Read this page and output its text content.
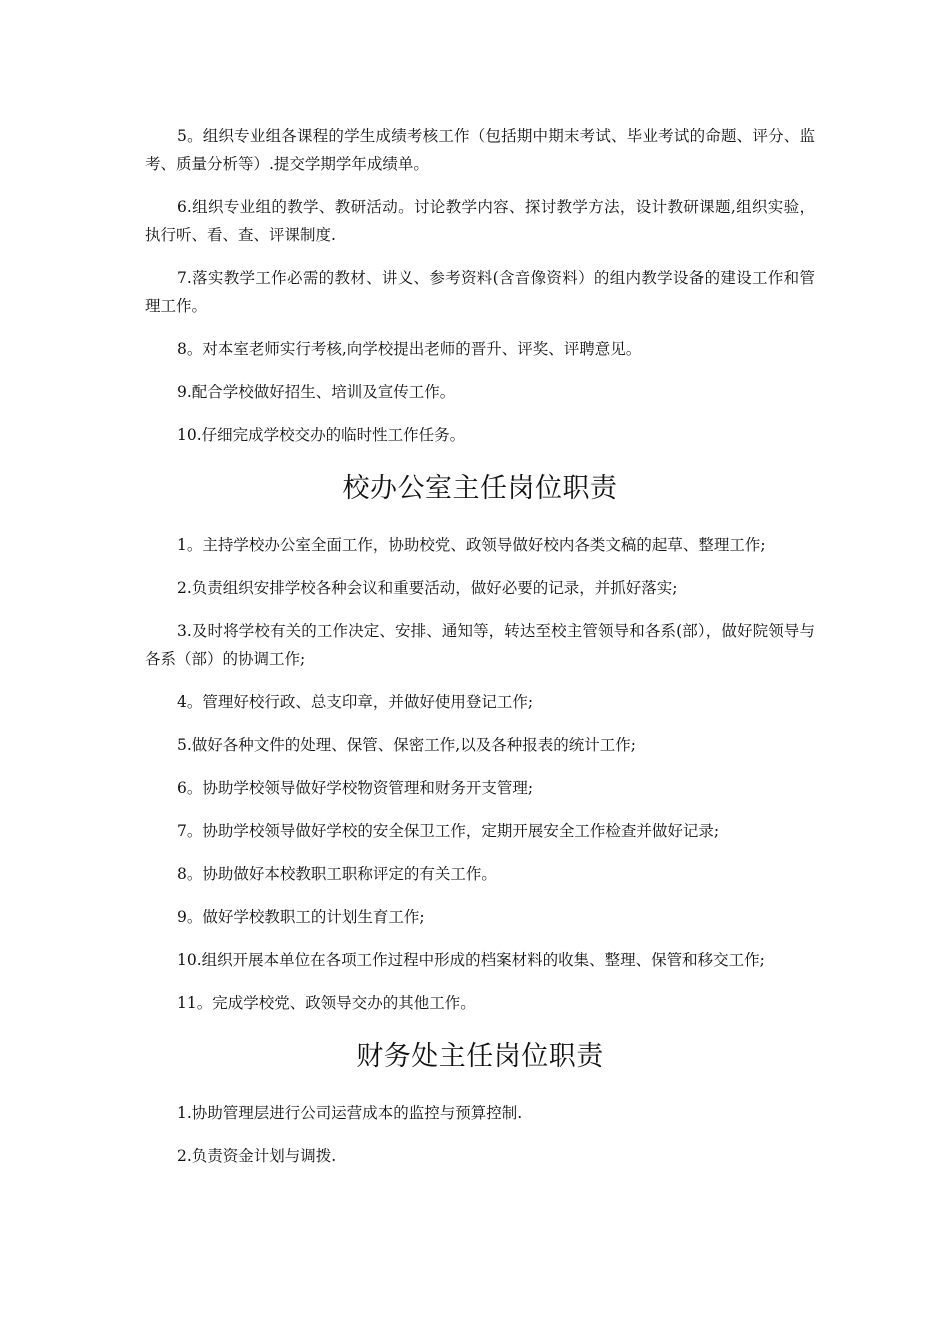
5。组织专业组各课程的学生成绩考核工作（包括期中期末考试、毕业考试的命题、评分、监考、质量分析等）.提交学期学年成绩单。

6.组织专业组的教学、教研活动。讨论教学内容、探讨教学方法，设计教研课题,组织实验，执行听、看、查、评课制度.

7.落实教学工作必需的教材、讲义、参考资料(含音像资料）的组内教学设备的建设工作和管理工作。

8。对本室老师实行考核,向学校提出老师的晋升、评奖、评聘意见。

9.配合学校做好招生、培训及宣传工作。

10.仔细完成学校交办的临时性工作任务。

校办公室主任岗位职责

1。主持学校办公室全面工作，协助校党、政领导做好校内各类文稿的起草、整理工作;

2.负责组织安排学校各种会议和重要活动，做好必要的记录，并抓好落实;

3.及时将学校有关的工作决定、安排、通知等，转达至校主管领导和各系(部），做好院领导与各系（部）的协调工作;

4。管理好校行政、总支印章，并做好使用登记工作;

5.做好各种文件的处理、保管、保密工作,以及各种报表的统计工作;

6。协助学校领导做好学校物资管理和财务开支管理;

7。协助学校领导做好学校的安全保卫工作，定期开展安全工作检查并做好记录;

8。协助做好本校教职工职称评定的有关工作。

9。做好学校教职工的计划生育工作;

10.组织开展本单位在各项工作过程中形成的档案材料的收集、整理、保管和移交工作;

11。完成学校党、政领导交办的其他工作。

财务处主任岗位职责

1.协助管理层进行公司运营成本的监控与预算控制.

2.负责资金计划与调拨.
